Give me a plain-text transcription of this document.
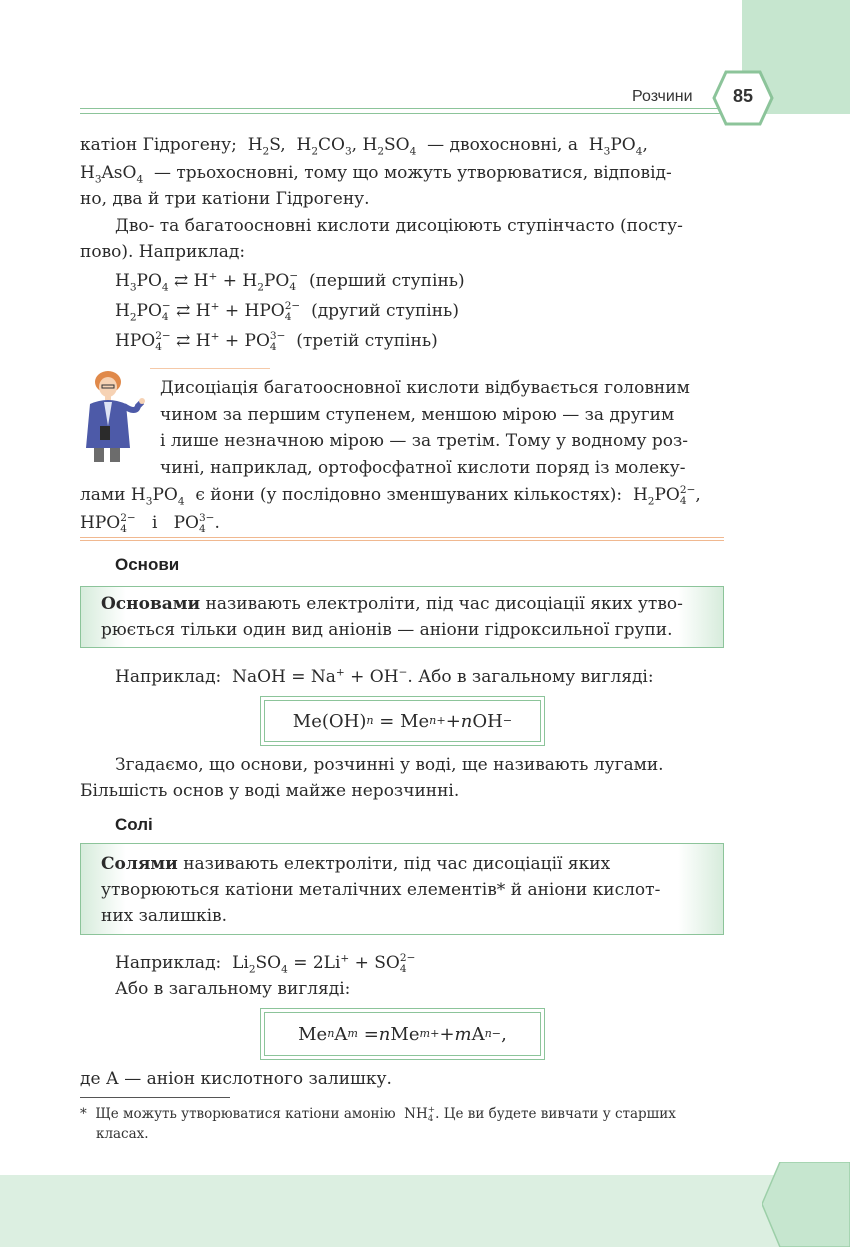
Розчини	85
катіон Гідрогену;  $H_2S$,  $H_2CO_3$, $H_2SO_4$ — двохосновні, а  $H_3PO_4$,
$H_3AsO_4$ — трьохосновні, тому що можуть утворюватися, відповід-
но, два й три катіони Гідрогену.
Дво- та багатоосновні кислоти дисоціюють ступінчасто (посту-
пово). Наприклад:
$H_3PO_4$ ⇄ $H^+ + H_2PO-$
4 (перший ступінь)
$H_2PO-$
4 ⇄ H+ + HPO2−
4 (другий ступінь)
HPO2−
4 ⇄ H+ + PO3−
4 (третій ступінь)
Дисоціація багатоосновної кислоти відбувається головним
чином за першим ступенем, меншою мірою — за другим
і лише незначною мірою — за третім. Тому у водному роз-
чині, наприклад, ортофосфатної кислоти поряд із молеку-
лами $H_3PO_4$ є йони (у послідовно зменшуваних кількостях):  $H_2PO2-$
4 ,
HPO2−
4 і   PO3−
4 .
Основи
Основами називають електроліти, під час дисоціації яких утво-
рюється тільки один вид аніонів — аніони гідроксильної групи.
Наприклад:  NaOH = Na+ + OH−. Або в загальному вигляді:
Me(OH) n = Me n+ + n OH −
Згадаємо, що основи, розчинні у воді, ще називають лугами.
Більшість основ у воді майже нерозчинні.
Солі
Солями називають електроліти, під час дисоціації яких
утворюються катіони металічних елементів* й аніони кислот-
них залишків.
Наприклад:  $Li_2SO_4 = 2Li^+ + SO2-$
4
Або в загальному вигляді:
Me n A m = n Me m+ + m A n− ,
де А — аніон кислотного залишку.
* Ще можуть утворюватися катіони амонію  NH+
4 . Це ви будете вивчати у старших
класах.
